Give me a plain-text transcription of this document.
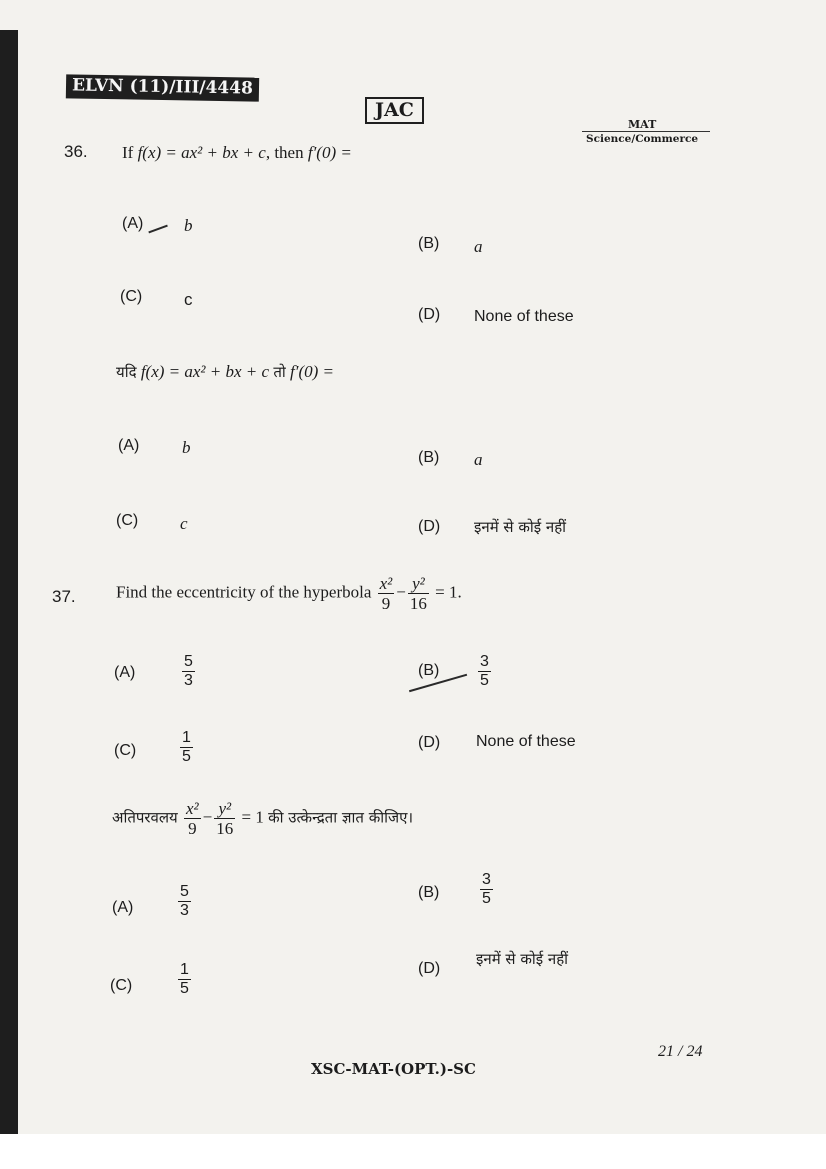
ELVN (11)/III/4448
JAC
MAT
Science/Commerce
36. If f(x) = ax² + bx + c, then f′(0) =
(A) b
(B) a
(C) c
(D) None of these
यदि f(x) = ax² + bx + c तो f′(0) =
(A)	b
(B) a
(C) c	(D) इनमें से कोई नहीं
37. Find the eccentricity of the hyperbola $\frac{\text{x²}}{9} - \frac{\text{y²}}{16} = 1$.
(A)	$\frac{5}{3}$	$(B) \frac{3}{5}$
(C)	$\frac{1}{5}$	(D) None of these
अतिपरवलय $\frac{\text{x²}}{9} - \frac{\text{y²}}{16} = 1$ की उत्केन्द्रता ज्ञात कीजिए।
(A)	$\frac{5}{3}$	(B)	$\frac{3}{5}$
(C)	$\frac{1}{5}$	(D)
इनमें से कोई नहीं
21 / 24
XSC-MAT-(OPT.)-SC
